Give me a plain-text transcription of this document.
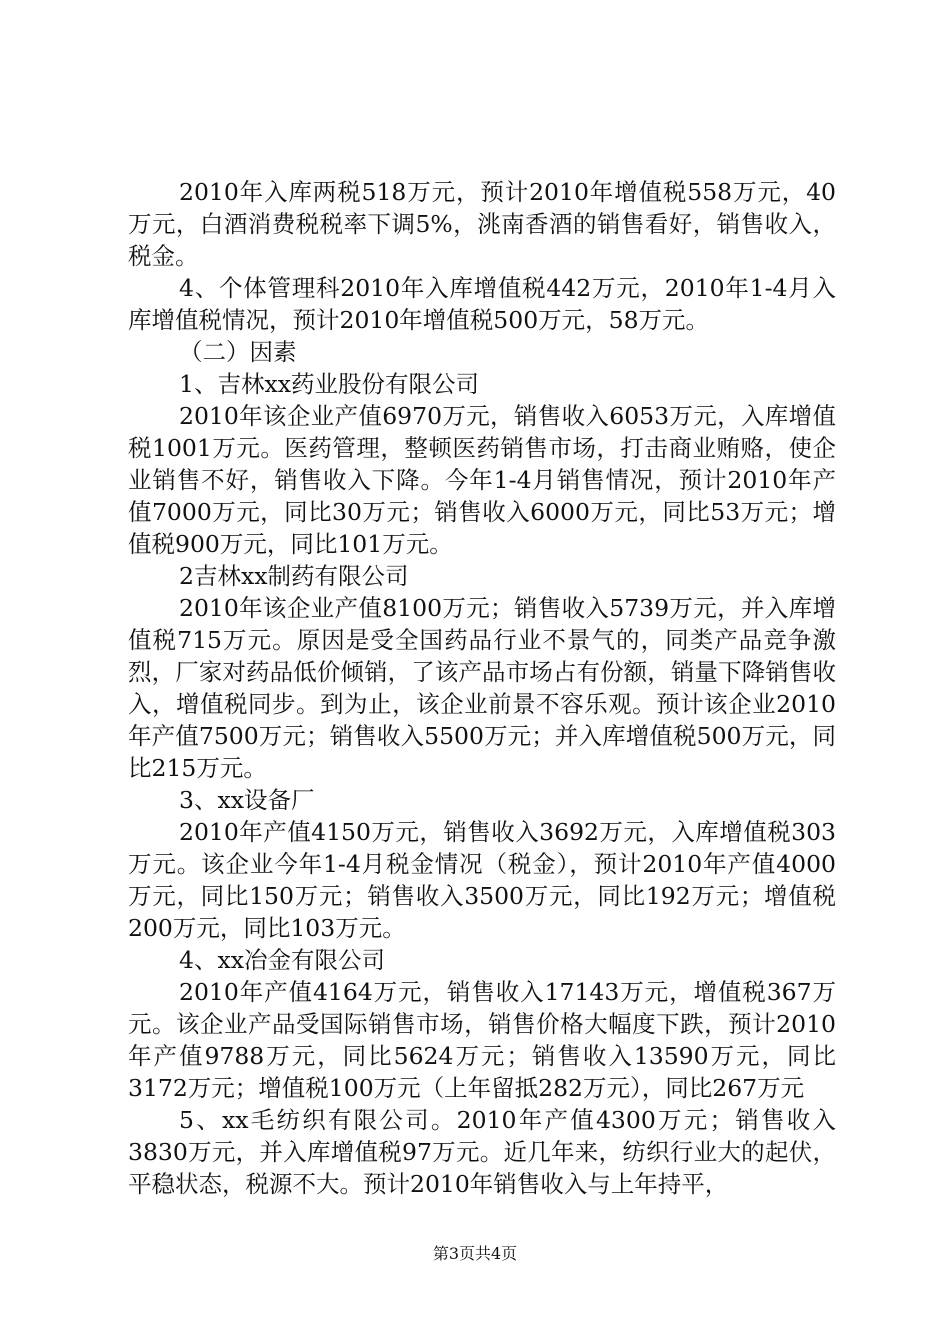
2010年入库两税518万元，预计2010年增值税558万元，40万元，白酒消费税税率下调5%，洮南香酒的销售看好，销售收入，税金。

4、个体管理科2010年入库增值税442万元，2010年1-4月入库增值税情况，预计2010年增值税500万元，58万元。

（二）因素

1、吉林xx药业股份有限公司

2010年该企业产值6970万元，销售收入6053万元，入库增值税1001万元。医药管理，整顿医药销售市场，打击商业贿赂，使企业销售不好，销售收入下降。今年1-4月销售情况，预计2010年产值7000万元，同比30万元；销售收入6000万元，同比53万元；增值税900万元，同比101万元。

2吉林xx制药有限公司

2010年该企业产值8100万元；销售收入5739万元，并入库增值税715万元。原因是受全国药品行业不景气的，同类产品竞争激烈，厂家对药品低价倾销，了该产品市场占有份额，销量下降销售收入，增值税同步。到为止，该企业前景不容乐观。预计该企业2010年产值7500万元；销售收入5500万元；并入库增值税500万元，同比215万元。

3、xx设备厂

2010年产值4150万元，销售收入3692万元，入库增值税303万元。该企业今年1-4月税金情况（税金），预计2010年产值4000万元，同比150万元；销售收入3500万元，同比192万元；增值税200万元，同比103万元。

4、xx冶金有限公司

2010年产值4164万元，销售收入17143万元，增值税367万元。该企业产品受国际销售市场，销售价格大幅度下跌，预计2010年产值9788万元，同比5624万元；销售收入13590万元，同比3172万元；增值税100万元（上年留抵282万元），同比267万元

5、xx毛纺织有限公司。2010年产值4300万元；销售收入3830万元，并入库增值税97万元。近几年来，纺织行业大的起伏，平稳状态，税源不大。预计2010年销售收入与上年持平，

第3页共4页
